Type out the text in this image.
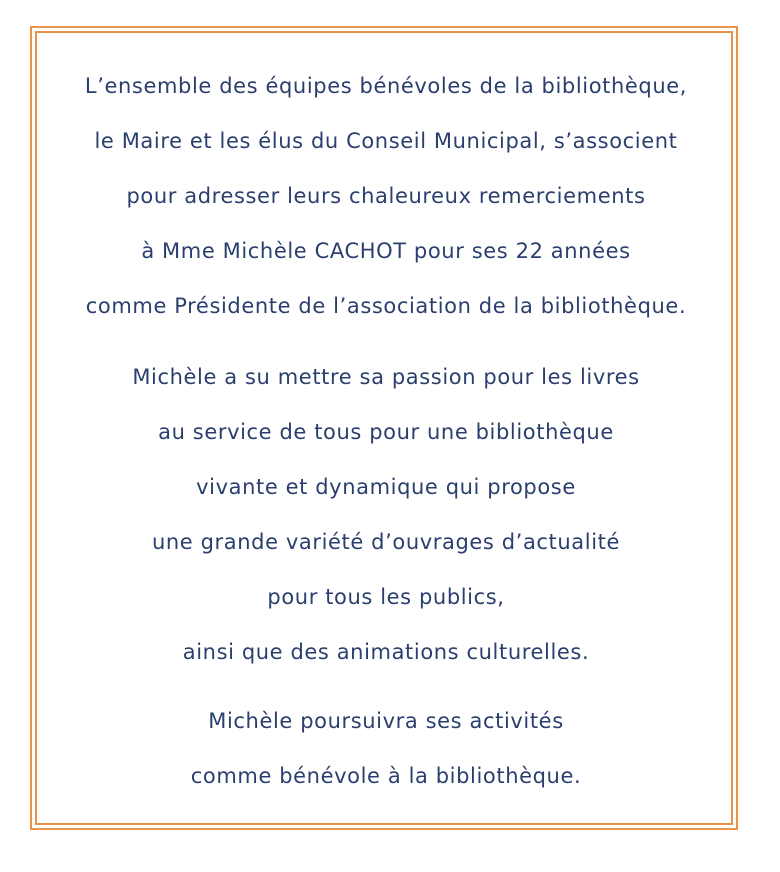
L’ensemble des équipes bénévoles de la bibliothèque,
le Maire et les élus du Conseil Municipal, s’associent
pour adresser leurs chaleureux remerciements
à Mme Michèle CACHOT pour ses 22 années
comme Présidente de l’association de la bibliothèque.
Michèle a su mettre sa passion pour les livres
au service de tous pour une bibliothèque
vivante et dynamique qui propose
une grande variété d’ouvrages d’actualité
pour tous les publics,
ainsi que des animations culturelles.
Michèle poursuivra ses activités
comme bénévole à la bibliothèque.
